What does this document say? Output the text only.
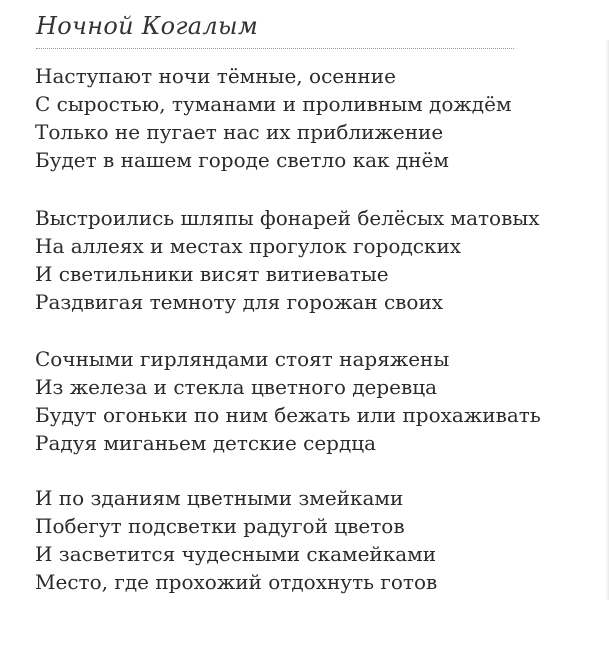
Ночной Когалым
Наступают ночи тёмные, осенние
С сыростью, туманами и проливным дождём
Только не пугает нас их приближение
Будет в нашем городе светло как днём
Выстроились шляпы фонарей белёсых матовых
На аллеях и местах прогулок городских
И светильники висят витиеватые
Раздвигая темноту для горожан своих
Сочными гирляндами стоят наряжены
Из железа и стекла цветного деревца
Будут огоньки по ним бежать или прохаживать
Радуя миганьем детские сердца
И по зданиям цветными змейками
Побегут подсветки радугой цветов
И засветится чудесными скамейками
Место, где прохожий отдохнуть готов
